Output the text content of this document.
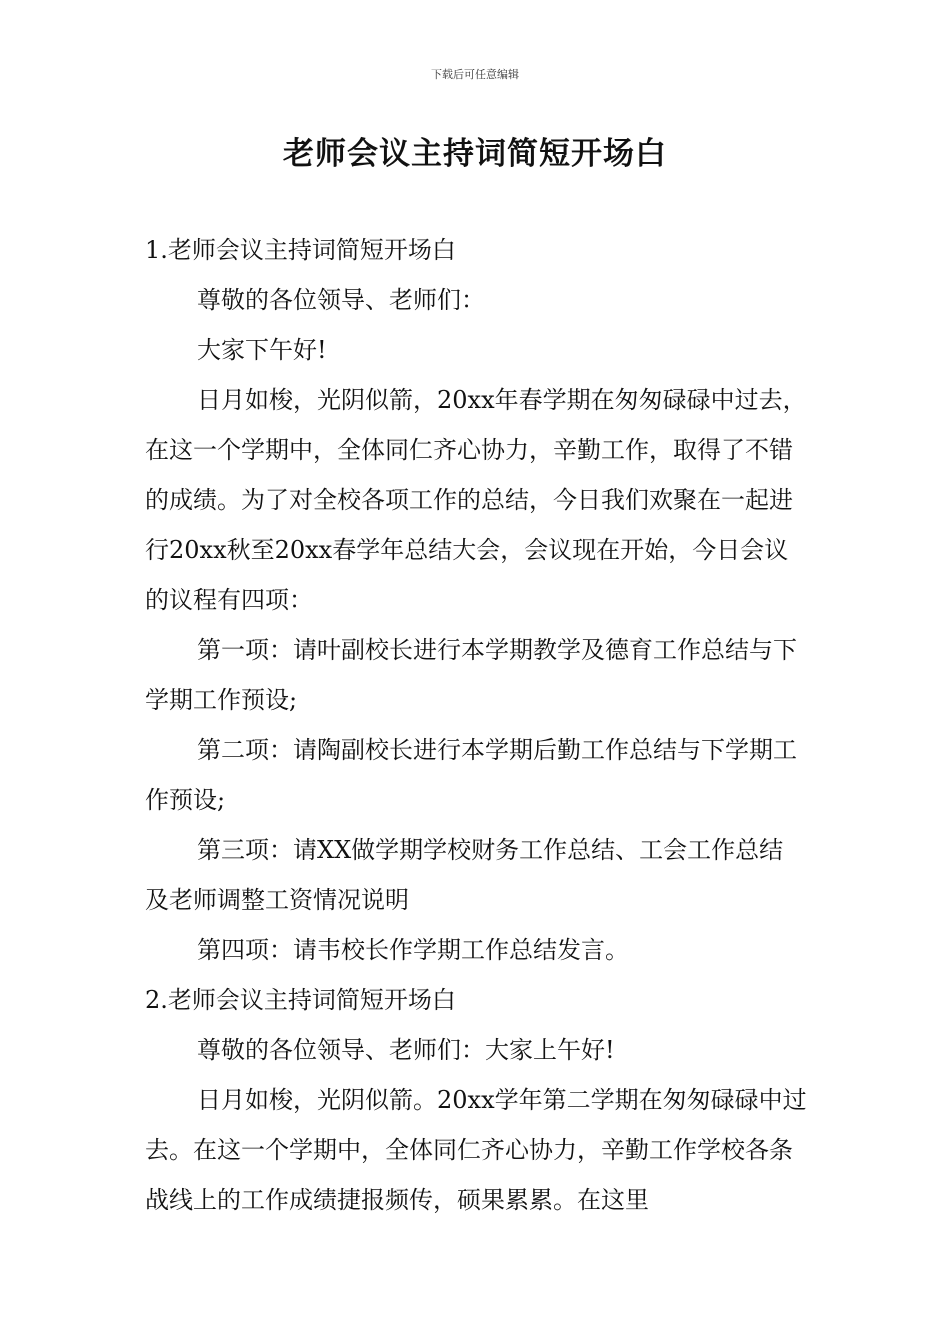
下载后可任意编辑
老师会议主持词简短开场白

1.老师会议主持词简短开场白

尊敬的各位领导、老师们：

大家下午好!

日月如梭，光阴似箭，20xx年春学期在匆匆碌碌中过去，在这一个学期中，全体同仁齐心协力，辛勤工作，取得了不错的成绩。为了对全校各项工作的总结，今日我们欢聚在一起进行20xx秋至20xx春学年总结大会，会议现在开始，今日会议的议程有四项：

第一项：请叶副校长进行本学期教学及德育工作总结与下学期工作预设;

第二项：请陶副校长进行本学期后勤工作总结与下学期工作预设;

第三项：请XX做学期学校财务工作总结、工会工作总结及老师调整工资情况说明

第四项：请韦校长作学期工作总结发言。

2.老师会议主持词简短开场白

尊敬的各位领导、老师们：大家上午好!

日月如梭，光阴似箭。20xx学年第二学期在匆匆碌碌中过去。在这一个学期中，全体同仁齐心协力，辛勤工作学校各条战线上的工作成绩捷报频传，硕果累累。在这里
